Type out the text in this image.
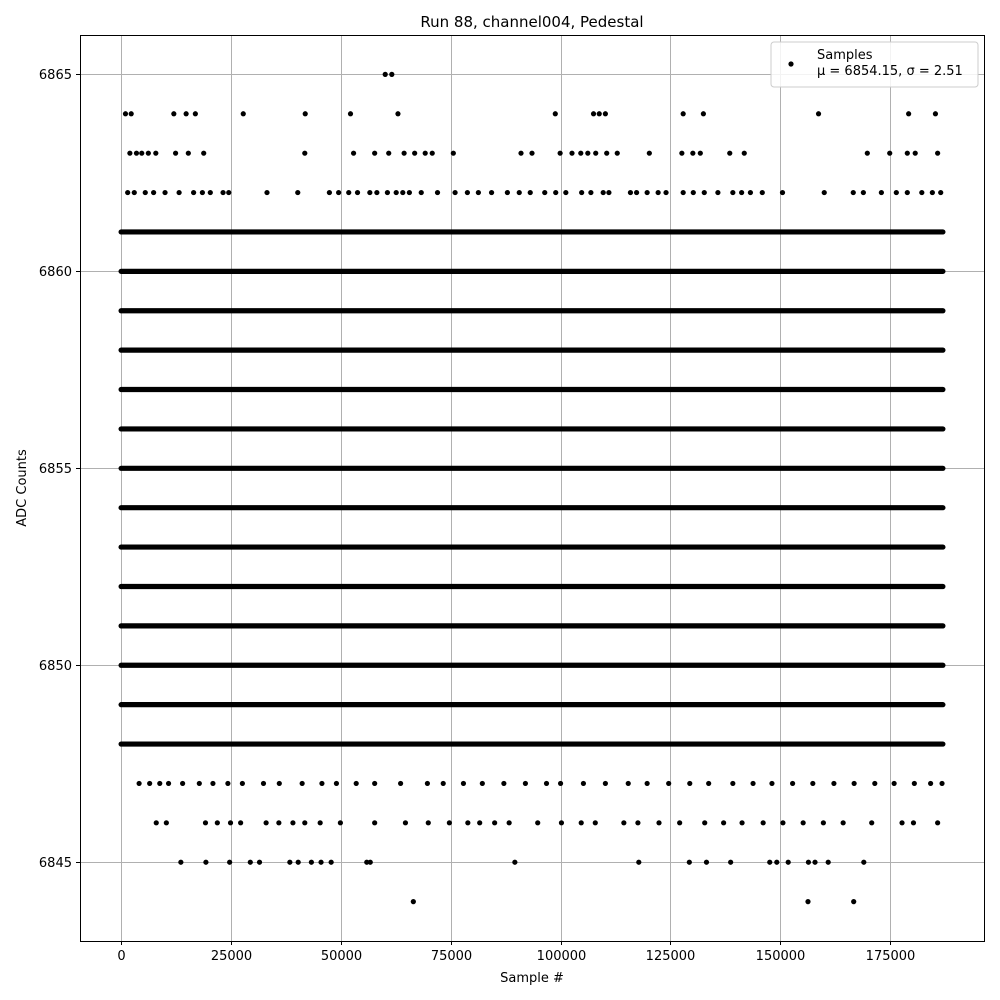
Run 88, channel004, Pedestal
0	25000	50000	75000	100000	125000	150000	175000
6845
6850
6855
6860
6865
Sample #
ADC Counts
Samples
μ = 6854.15, σ = 2.51
